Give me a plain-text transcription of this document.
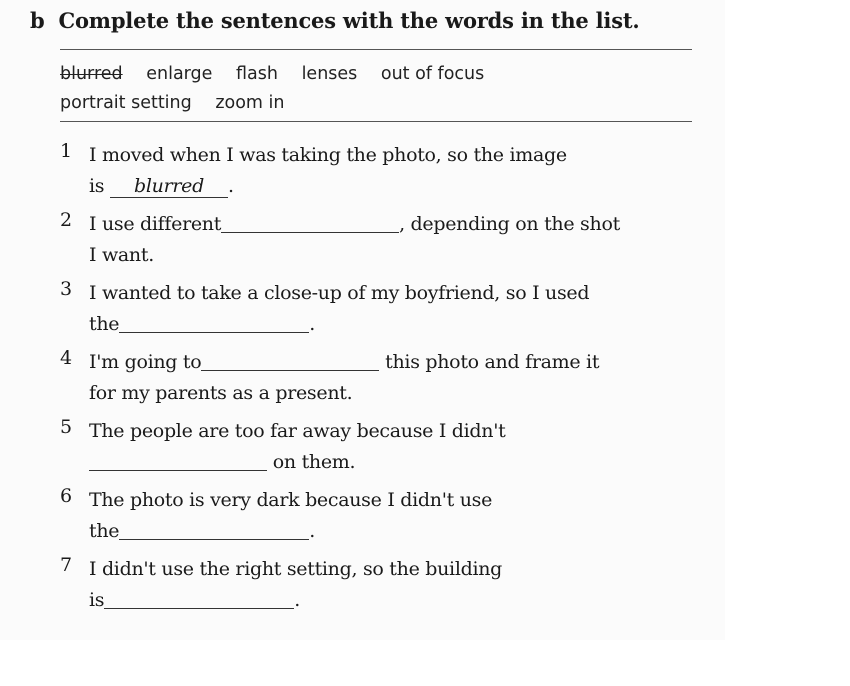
b Complete the sentences with the words in the list.
blurred enlarge flash lenses out of focus
portrait setting zoom in
1 I moved when I was taking the photo, so the image
is blurred .
2 I use different	, depending on the shot
I want.
3 I wanted to take a close-up of my boyfriend, so I used
the	.
4 I'm going to	this photo and frame it
for my parents as a present.
5 The people are too far away because I didn't
on them.
6 The photo is very dark because I didn't use
the	.
7 I didn't use the right setting, so the building
is	.
